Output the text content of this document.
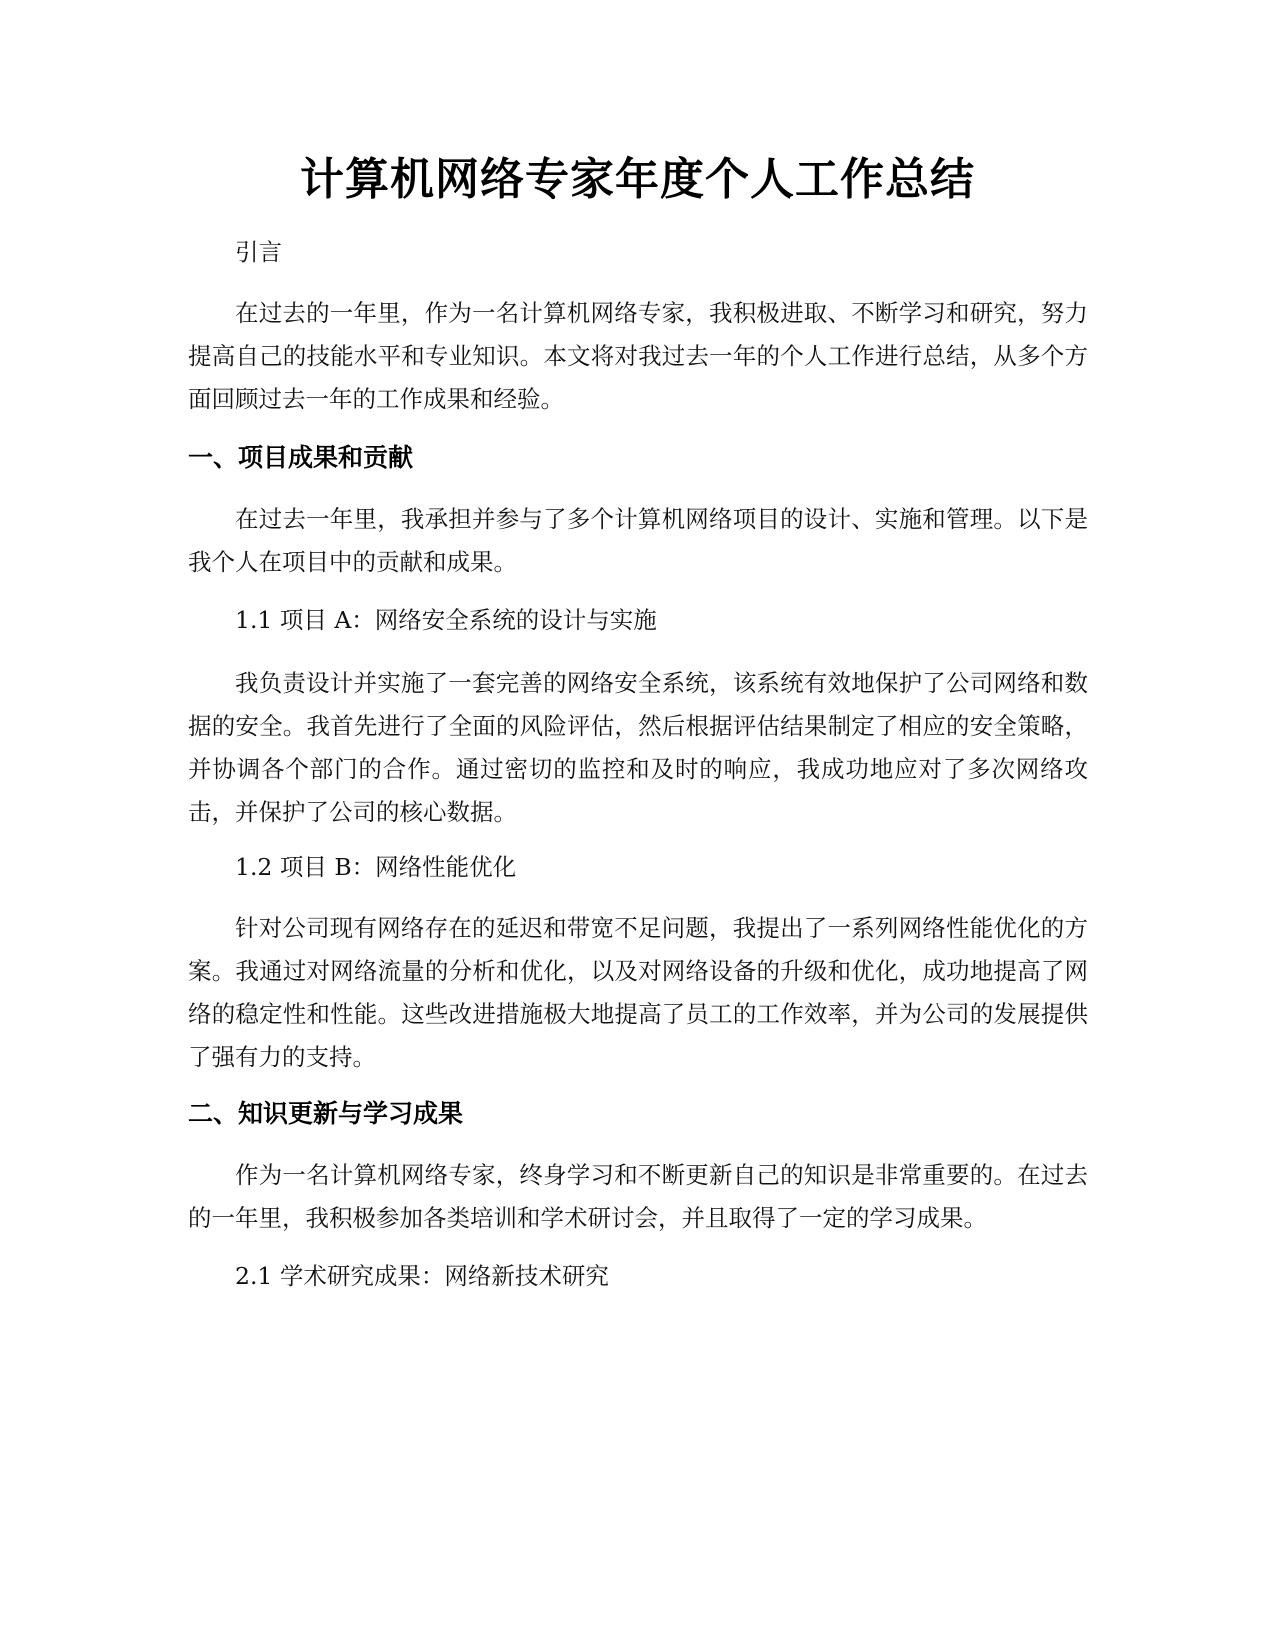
计算机网络专家年度个人工作总结

引言

在过去的一年里，作为一名计算机网络专家，我积极进取、不断学习和研究，努力提高自己的技能水平和专业知识。本文将对我过去一年的个人工作进行总结，从多个方面回顾过去一年的工作成果和经验。

一、项目成果和贡献

在过去一年里，我承担并参与了多个计算机网络项目的设计、实施和管理。以下是我个人在项目中的贡献和成果。

1.1 项目 A：网络安全系统的设计与实施

我负责设计并实施了一套完善的网络安全系统，该系统有效地保护了公司网络和数据的安全。我首先进行了全面的风险评估，然后根据评估结果制定了相应的安全策略，并协调各个部门的合作。通过密切的监控和及时的响应，我成功地应对了多次网络攻击，并保护了公司的核心数据。

1.2 项目 B：网络性能优化

针对公司现有网络存在的延迟和带宽不足问题，我提出了一系列网络性能优化的方案。我通过对网络流量的分析和优化，以及对网络设备的升级和优化，成功地提高了网络的稳定性和性能。这些改进措施极大地提高了员工的工作效率，并为公司的发展提供了强有力的支持。

二、知识更新与学习成果

作为一名计算机网络专家，终身学习和不断更新自己的知识是非常重要的。在过去的一年里，我积极参加各类培训和学术研讨会，并且取得了一定的学习成果。

2.1 学术研究成果：网络新技术研究
